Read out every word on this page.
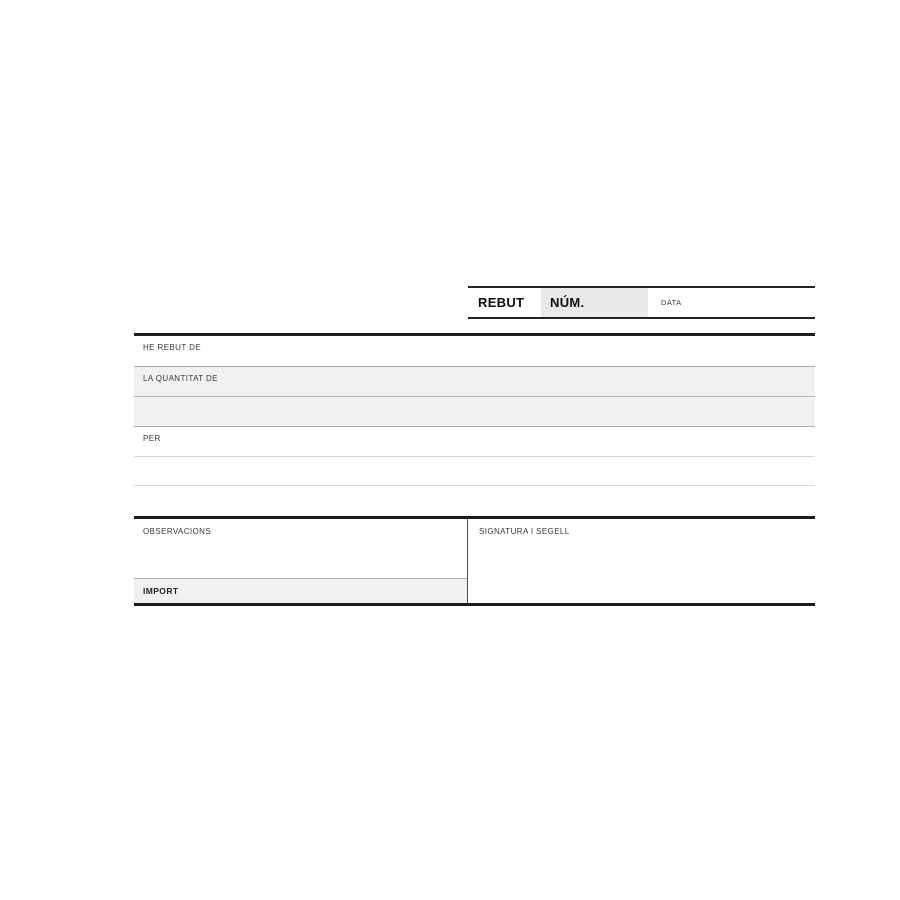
REBUT	NÚM.	DATA
HE REBUT DE
LA QUANTITAT DE
PER
OBSERVACIONS
IMPORT
SIGNATURA I SEGELL
